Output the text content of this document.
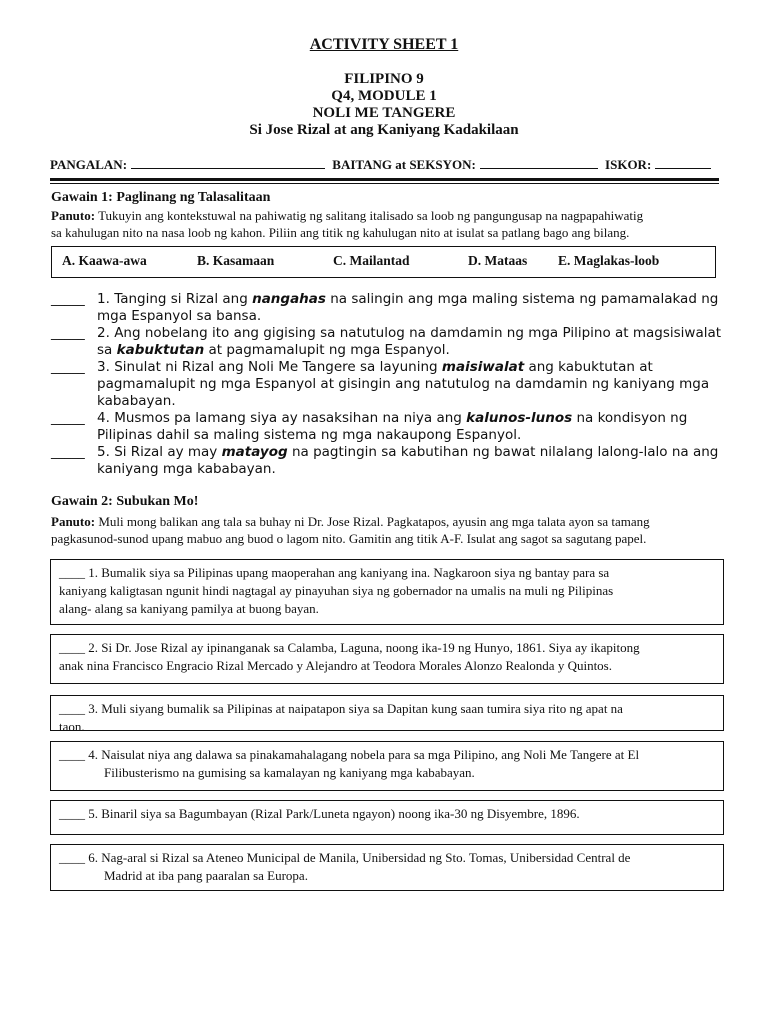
ACTIVITY SHEET 1
FILIPINO 9
Q4, MODULE 1
NOLI ME TANGERE
Si Jose Rizal at ang Kaniyang Kadakilaan
PANGALAN:	BAITANG at SEKSYON:	ISKOR:
Gawain 1: Paglinang ng Talasalitaan
Panuto: Tukuyin ang kontekstuwal na pahiwatig ng salitang italisado sa loob ng pangungusap na nagpapahiwatig
sa kahulugan nito na nasa loob ng kahon. Piliin ang titik ng kahulugan nito at isulat sa patlang bago ang bilang.
A. Kaawa-awa	B. Kasamaan	C. Mailantad	D. Mataas E. Maglakas-loob
_____ 1. Tanging si Rizal ang nangahas na salingin ang mga maling sistema ng pamamalakad ng
mga Espanyol sa bansa.
_____ 2. Ang nobelang ito ang gigising sa natutulog na damdamin ng mga Pilipino at magsisiwalat
sa kabuktutan at pagmamalupit ng mga Espanyol.
_____ 3. Sinulat ni Rizal ang Noli Me Tangere sa layuning maisiwalat ang kabuktutan at
pagmamalupit ng mga Espanyol at gisingin ang natutulog na damdamin ng kaniyang mga
kababayan.
_____ 4. Musmos pa lamang siya ay nasaksihan na niya ang kalunos-lunos na kondisyon ng
Pilipinas dahil sa maling sistema ng mga nakaupong Espanyol.
_____ 5. Si Rizal ay may matayog na pagtingin sa kabutihan ng bawat nilalang lalong-lalo na ang
kaniyang mga kababayan.
Gawain 2: Subukan Mo!
Panuto: Muli mong balikan ang tala sa buhay ni Dr. Jose Rizal. Pagkatapos, ayusin ang mga talata ayon sa tamang
pagkasunod-sunod upang mabuo ang buod o lagom nito. Gamitin ang titik A-F. Isulat ang sagot sa sagutang papel.
____ 1. Bumalik siya sa Pilipinas upang maoperahan ang kaniyang ina. Nagkaroon siya ng bantay para sa
kaniyang kaligtasan ngunit hindi nagtagal ay pinayuhan siya ng gobernador na umalis na muli ng Pilipinas
alang- alang sa kaniyang pamilya at buong bayan.
____ 2. Si Dr. Jose Rizal ay ipinanganak sa Calamba, Laguna, noong ika-19 ng Hunyo, 1861. Siya ay ikapitong
anak nina Francisco Engracio Rizal Mercado y Alejandro at Teodora Morales Alonzo Realonda y Quintos.
____ 3. Muli siyang bumalik sa Pilipinas at naipatapon siya sa Dapitan kung saan tumira siya rito ng apat na
taon.
____ 4. Naisulat niya ang dalawa sa pinakamahalagang nobela para sa mga Pilipino, ang Noli Me Tangere at El
Filibusterismo na gumising sa kamalayan ng kaniyang mga kababayan.
____ 5. Binaril siya sa Bagumbayan (Rizal Park/Luneta ngayon) noong ika-30 ng Disyembre, 1896.
____ 6. Nag-aral si Rizal sa Ateneo Municipal de Manila, Unibersidad ng Sto. Tomas, Unibersidad Central de
Madrid at iba pang paaralan sa Europa.
